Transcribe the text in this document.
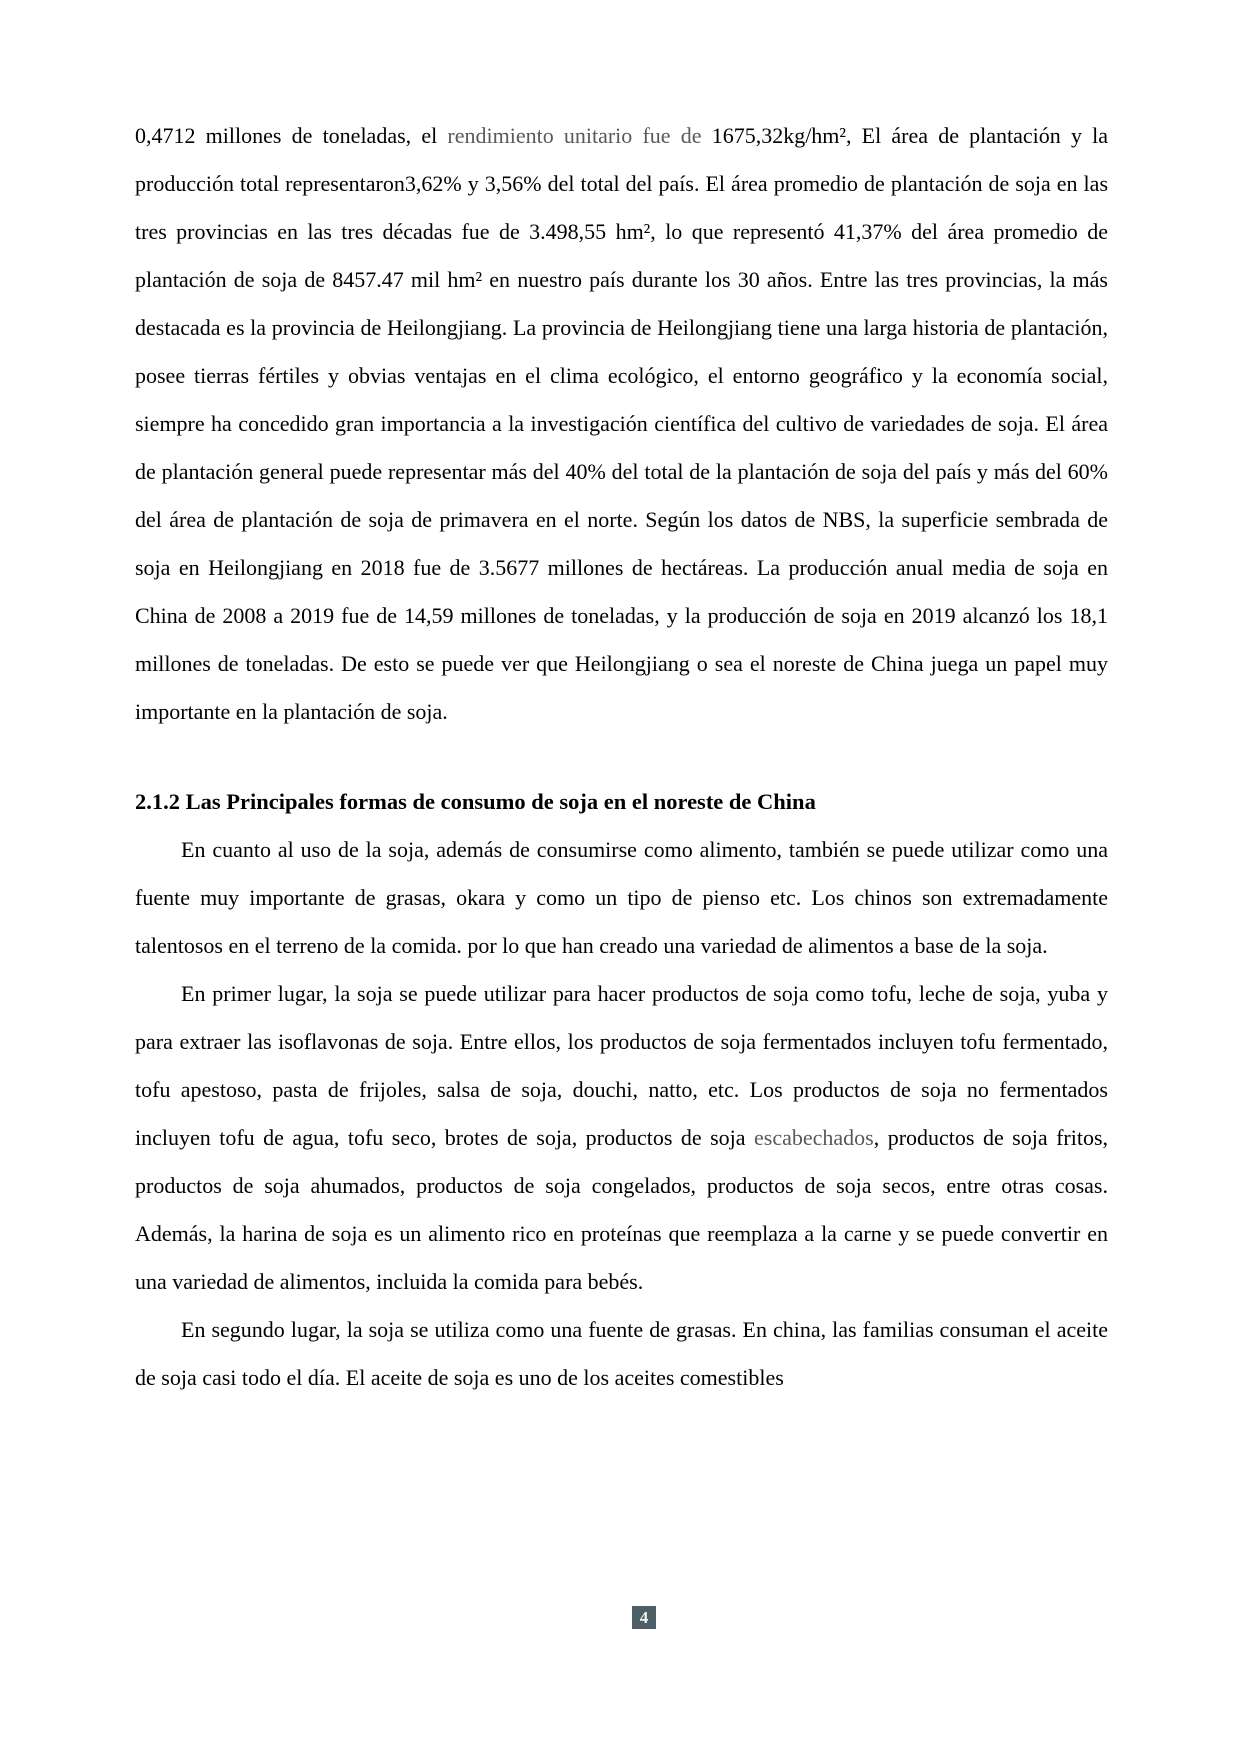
0,4712 millones de toneladas, el rendimiento unitario fue de 1675,32kg/hm², El área de plantación y la producción total representaron3,62% y 3,56% del total del país. El área promedio de plantación de soja en las tres provincias en las tres décadas fue de 3.498,55 hm², lo que representó 41,37% del área promedio de plantación de soja de 8457.47 mil hm² en nuestro país durante los 30 años. Entre las tres provincias, la más destacada es la provincia de Heilongjiang. La provincia de Heilongjiang tiene una larga historia de plantación, posee tierras fértiles y obvias ventajas en el clima ecológico, el entorno geográfico y la economía social, siempre ha concedido gran importancia a la investigación científica del cultivo de variedades de soja. El área de plantación general puede representar más del 40% del total de la plantación de soja del país y más del 60% del área de plantación de soja de primavera en el norte. Según los datos de NBS, la superficie sembrada de soja en Heilongjiang en 2018 fue de 3.5677 millones de hectáreas. La producción anual media de soja en China de 2008 a 2019 fue de 14,59 millones de toneladas, y la producción de soja en 2019 alcanzó los 18,1 millones de toneladas. De esto se puede ver que Heilongjiang o sea el noreste de China juega un papel muy importante en la plantación de soja.

2.1.2 Las Principales formas de consumo de soja en el noreste de China

En cuanto al uso de la soja, además de consumirse como alimento, también se puede utilizar como una fuente muy importante de grasas, okara y como un tipo de pienso etc. Los chinos son extremadamente talentosos en el terreno de la comida. por lo que han creado una variedad de alimentos a base de la soja.

En primer lugar, la soja se puede utilizar para hacer productos de soja como tofu, leche de soja, yuba y para extraer las isoflavonas de soja. Entre ellos, los productos de soja fermentados incluyen tofu fermentado, tofu apestoso, pasta de frijoles, salsa de soja, douchi, natto, etc. Los productos de soja no fermentados incluyen tofu de agua, tofu seco, brotes de soja, productos de soja escabechados, productos de soja fritos, productos de soja ahumados, productos de soja congelados, productos de soja secos, entre otras cosas. Además, la harina de soja es un alimento rico en proteínas que reemplaza a la carne y se puede convertir en una variedad de alimentos, incluida la comida para bebés.

En segundo lugar, la soja se utiliza como una fuente de grasas. En china, las familias consuman el aceite de soja casi todo el día. El aceite de soja es uno de los aceites comestibles

4
